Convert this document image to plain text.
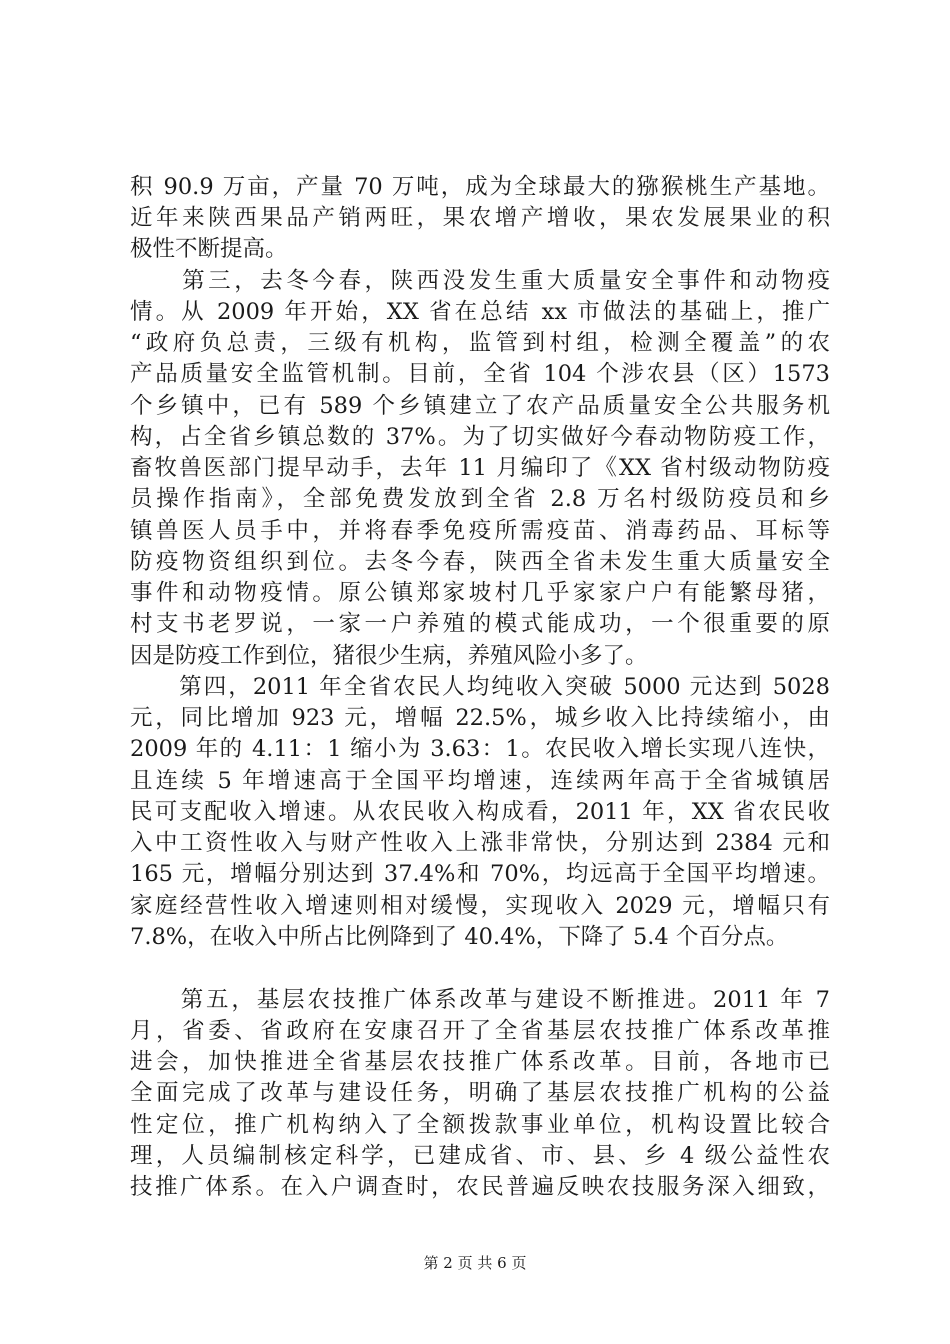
积 90.9 万亩，产量 70 万吨，成为全球最大的猕猴桃生产基地。
近年来陕西果品产销两旺，果农增产增收，果农发展果业的积
极性不断提高。
　　第三，去冬今春，陕西没发生重大质量安全事件和动物疫
情。从 2009 年开始，XX 省在总结 xx 市做法的基础上，推广
“政府负总责，三级有机构，监管到村组，检测全覆盖”的农
产品质量安全监管机制。目前，全省 104 个涉农县（区）1573
个乡镇中，已有 589 个乡镇建立了农产品质量安全公共服务机
构，占全省乡镇总数的 37%。为了切实做好今春动物防疫工作，
畜牧兽医部门提早动手，去年 11 月编印了《XX 省村级动物防疫
员操作指南》，全部免费发放到全省 2.8 万名村级防疫员和乡
镇兽医人员手中，并将春季免疫所需疫苗、消毒药品、耳标等
防疫物资组织到位。去冬今春，陕西全省未发生重大质量安全
事件和动物疫情。原公镇郑家坡村几乎家家户户有能繁母猪，
村支书老罗说，一家一户养殖的模式能成功，一个很重要的原
因是防疫工作到位，猪很少生病，养殖风险小多了。
　　第四，2011 年全省农民人均纯收入突破 5000 元达到 5028
元，同比增加 923 元，增幅 22.5%，城乡收入比持续缩小，由
2009 年的 4.11：1 缩小为 3.63：1。农民收入增长实现八连快，
且连续 5 年增速高于全国平均增速，连续两年高于全省城镇居
民可支配收入增速。从农民收入构成看，2011 年，XX 省农民收
入中工资性收入与财产性收入上涨非常快，分别达到 2384 元和
165 元，增幅分别达到 37.4%和 70%，均远高于全国平均增速。
家庭经营性收入增速则相对缓慢，实现收入 2029 元，增幅只有
7.8%，在收入中所占比例降到了 40.4%，下降了 5.4 个百分点。
　　第五，基层农技推广体系改革与建设不断推进。2011 年 7
月，省委、省政府在安康召开了全省基层农技推广体系改革推
进会，加快推进全省基层农技推广体系改革。目前，各地市已
全面完成了改革与建设任务，明确了基层农技推广机构的公益
性定位，推广机构纳入了全额拨款事业单位，机构设置比较合
理，人员编制核定科学，已建成省、市、县、乡 4 级公益性农
技推广体系。在入户调查时，农民普遍反映农技服务深入细致，
第 2 页 共 6 页
